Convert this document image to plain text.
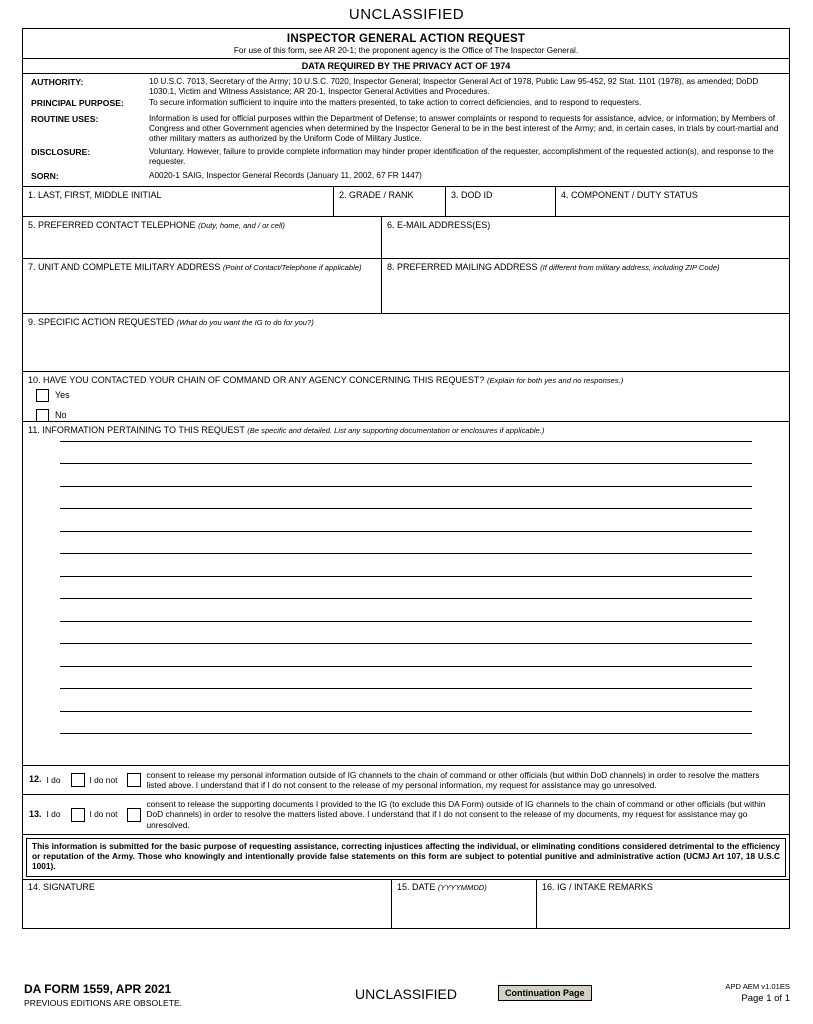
UNCLASSIFIED
INSPECTOR GENERAL ACTION REQUEST
For use of this form, see AR 20-1; the proponent agency is the Office of The Inspector General.
DATA REQUIRED BY THE PRIVACY ACT OF 1974
AUTHORITY:	10 U.S.C. 7013, Secretary of the Army; 10 U.S.C. 7020, Inspector General; Inspector General Act of 1978, Public Law 95-452, 92 Stat. 1101 (1978), as amended; DoDD 1030.1, Victim and Witness Assistance; AR 20-1, Inspector General Activities and Procedures.
PRINCIPAL PURPOSE:	To secure information sufficient to inquire into the matters presented, to take action to correct deficiencies, and to respond to requesters.
ROUTINE USES:	Information is used for official purposes within the Department of Defense; to answer complaints or respond to requests for assistance, advice, or information; by Members of Congress and other Government agencies when determined by the Inspector General to be in the best interest of the Army; and, in certain cases, in trials by court-martial and other military matters as authorized by the Uniform Code of Military Justice.
DISCLOSURE:	Voluntary. However, failure to provide complete information may hinder proper identification of the requester, accomplishment of the requested action(s), and response to the requester.
SORN:	A0020-1 SAIG, Inspector General Records (January 11, 2002, 67 FR 1447)
1. LAST, FIRST, MIDDLE INITIAL	2. GRADE / RANK	3. DOD ID	4. COMPONENT / DUTY STATUS
5. PREFERRED CONTACT TELEPHONE (Duty, home, and / or cell)	6. E-MAIL ADDRESS(ES)
7. UNIT AND COMPLETE MILITARY ADDRESS (Point of Contact/Telephone if applicable)	8. PREFERRED MAILING ADDRESS (If different from military address, including ZIP Code)
9. SPECIFIC ACTION REQUESTED (What do you want the IG to do for you?)
10. HAVE YOU CONTACTED YOUR CHAIN OF COMMAND OR ANY AGENCY CONCERNING THIS REQUEST? (Explain for both yes and no responses.)
Yes
No
11. INFORMATION PERTAINING TO THIS REQUEST (Be specific and detailed. List any supporting documentation or enclosures if applicable.)
12. I do	I do not
consent to release my personal information outside of IG channels to the chain of command or other officials (but within DoD channels) in order to resolve the matters listed above. I understand that if I do not consent to the release of my personal information, my request for assistance may go unresolved.
13. I do	I do not
consent to release the supporting documents I provided to the IG (to exclude this DA Form) outside of IG channels to the chain of command or other officials (but within DoD channels) in order to resolve the matters listed above. I understand that if I do not consent to the release of my documents, my request for assistance may go unresolved.
This information is submitted for the basic purpose of requesting assistance, correcting injustices affecting the individual, or eliminating conditions considered detrimental to the efficiency or reputation of the Army. Those who knowingly and intentionally provide false statements on this form are subject to potential punitive and administrative action (UCMJ Art 107, 18 U.S.C 1001).
14. SIGNATURE	15. DATE (YYYYMMDD)	16. IG / INTAKE REMARKS
DA FORM 1559, APR 2021
PREVIOUS EDITIONS ARE OBSOLETE.
UNCLASSIFIED	Continuation Page
APD AEM v1.01ES
Page 1 of 1
